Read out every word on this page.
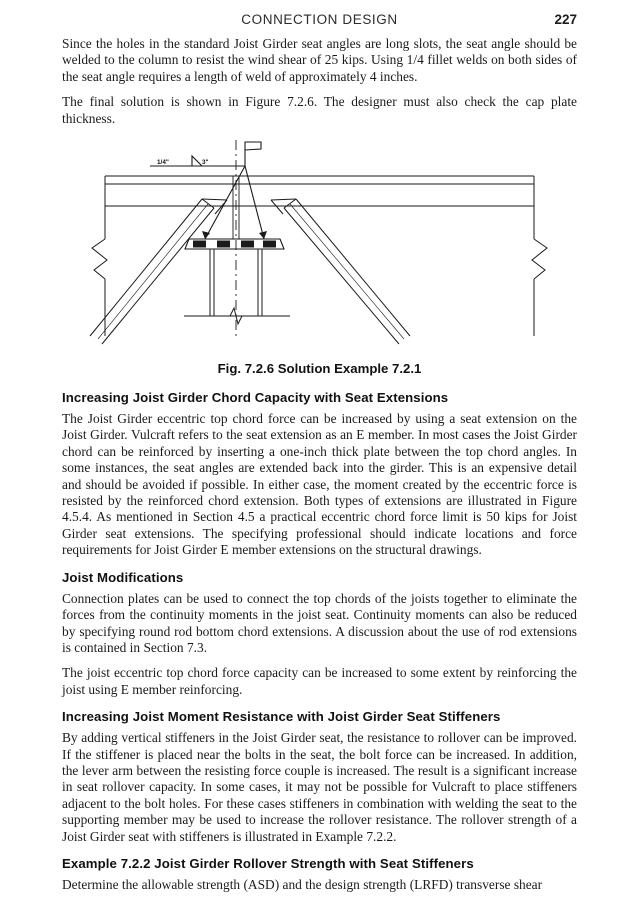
CONNECTION DESIGN	227

Since the holes in the standard Joist Girder seat angles are long slots, the seat angle should be welded to the column to resist the wind shear of 25 kips. Using 1/4 fillet welds on both sides of the seat angle requires a length of weld of approximately 4 inches.

The final solution is shown in Figure 7.2.6. The designer must also check the cap plate thickness.

1/4"	3"
Fig. 7.2.6 Solution Example 7.2.1
Increasing Joist Girder Chord Capacity with Seat Extensions

The Joist Girder eccentric top chord force can be increased by using a seat extension on the Joist Girder. Vulcraft refers to the seat extension as an E member. In most cases the Joist Girder chord can be reinforced by inserting a one-inch thick plate between the top chord angles. In some instances, the seat angles are extended back into the girder. This is an expensive detail and should be avoided if possible. In either case, the moment created by the eccentric force is resisted by the reinforced chord extension. Both types of extensions are illustrated in Figure 4.5.4. As mentioned in Section 4.5 a practical eccentric chord force limit is 50 kips for Joist Girder seat extensions. The specifying professional should indicate locations and force requirements for Joist Girder E member extensions on the structural drawings.

Joist Modifications

Connection plates can be used to connect the top chords of the joists together to eliminate the forces from the continuity moments in the joist seat. Continuity moments can also be reduced by specifying round rod bottom chord extensions. A discussion about the use of rod extensions is contained in Section 7.3.

The joist eccentric top chord force capacity can be increased to some extent by reinforcing the joist using E member reinforcing.

Increasing Joist Moment Resistance with Joist Girder Seat Stiffeners

By adding vertical stiffeners in the Joist Girder seat, the resistance to rollover can be improved. If the stiffener is placed near the bolts in the seat, the bolt force can be increased. In addition, the lever arm between the resisting force couple is increased. The result is a significant increase in seat rollover capacity. In some cases, it may not be possible for Vulcraft to place stiffeners adjacent to the bolt holes. For these cases stiffeners in combination with welding the seat to the supporting member may be used to increase the rollover resistance. The rollover strength of a Joist Girder seat with stiffeners is illustrated in Example 7.2.2.

Example 7.2.2 Joist Girder Rollover Strength with Seat Stiffeners

Determine the allowable strength (ASD) and the design strength (LRFD) transverse shear
